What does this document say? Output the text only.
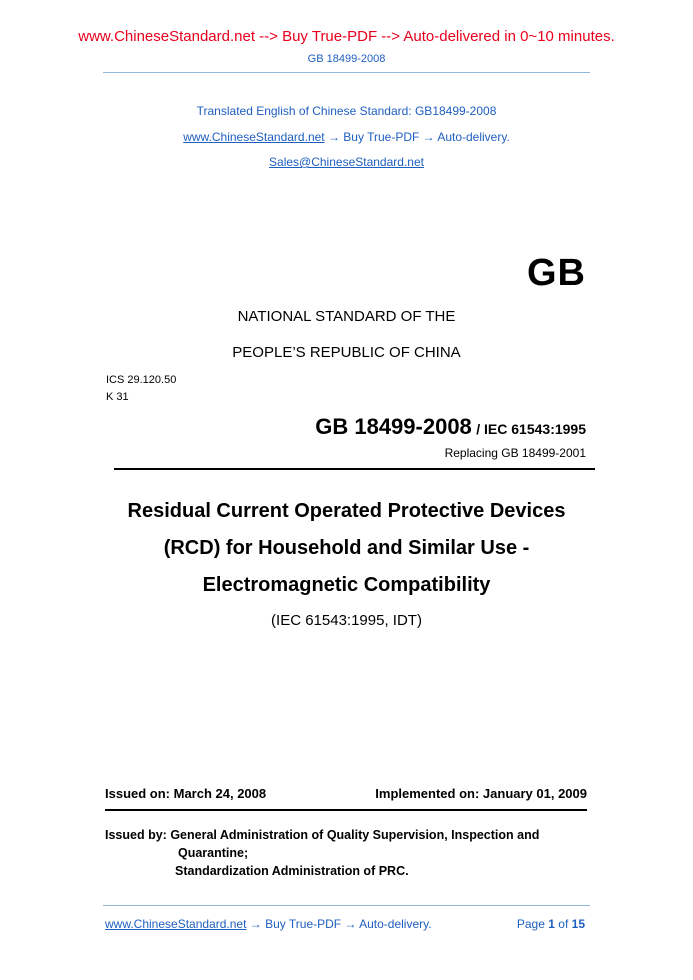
www.ChineseStandard.net --> Buy True-PDF --> Auto-delivered in 0~10 minutes.
GB 18499-2008
Translated English of Chinese Standard: GB18499-2008
www.ChineseStandard.net → Buy True-PDF → Auto-delivery.
Sales@ChineseStandard.net
GB
NATIONAL STANDARD OF THE
PEOPLE’S REPUBLIC OF CHINA
ICS 29.120.50
K 31
GB 18499-2008 / IEC 61543:1995
Replacing GB 18499-2001
Residual Current Operated Protective Devices
(RCD) for Household and Similar Use -
Electromagnetic Compatibility
(IEC 61543:1995, IDT)
Issued on: March 24, 2008	Implemented on: January 01, 2009
Issued by: General Administration of Quality Supervision, Inspection and
Quarantine;
Standardization Administration of PRC.
www.ChineseStandard.net → Buy True-PDF → Auto-delivery.	Page 1 of 15
